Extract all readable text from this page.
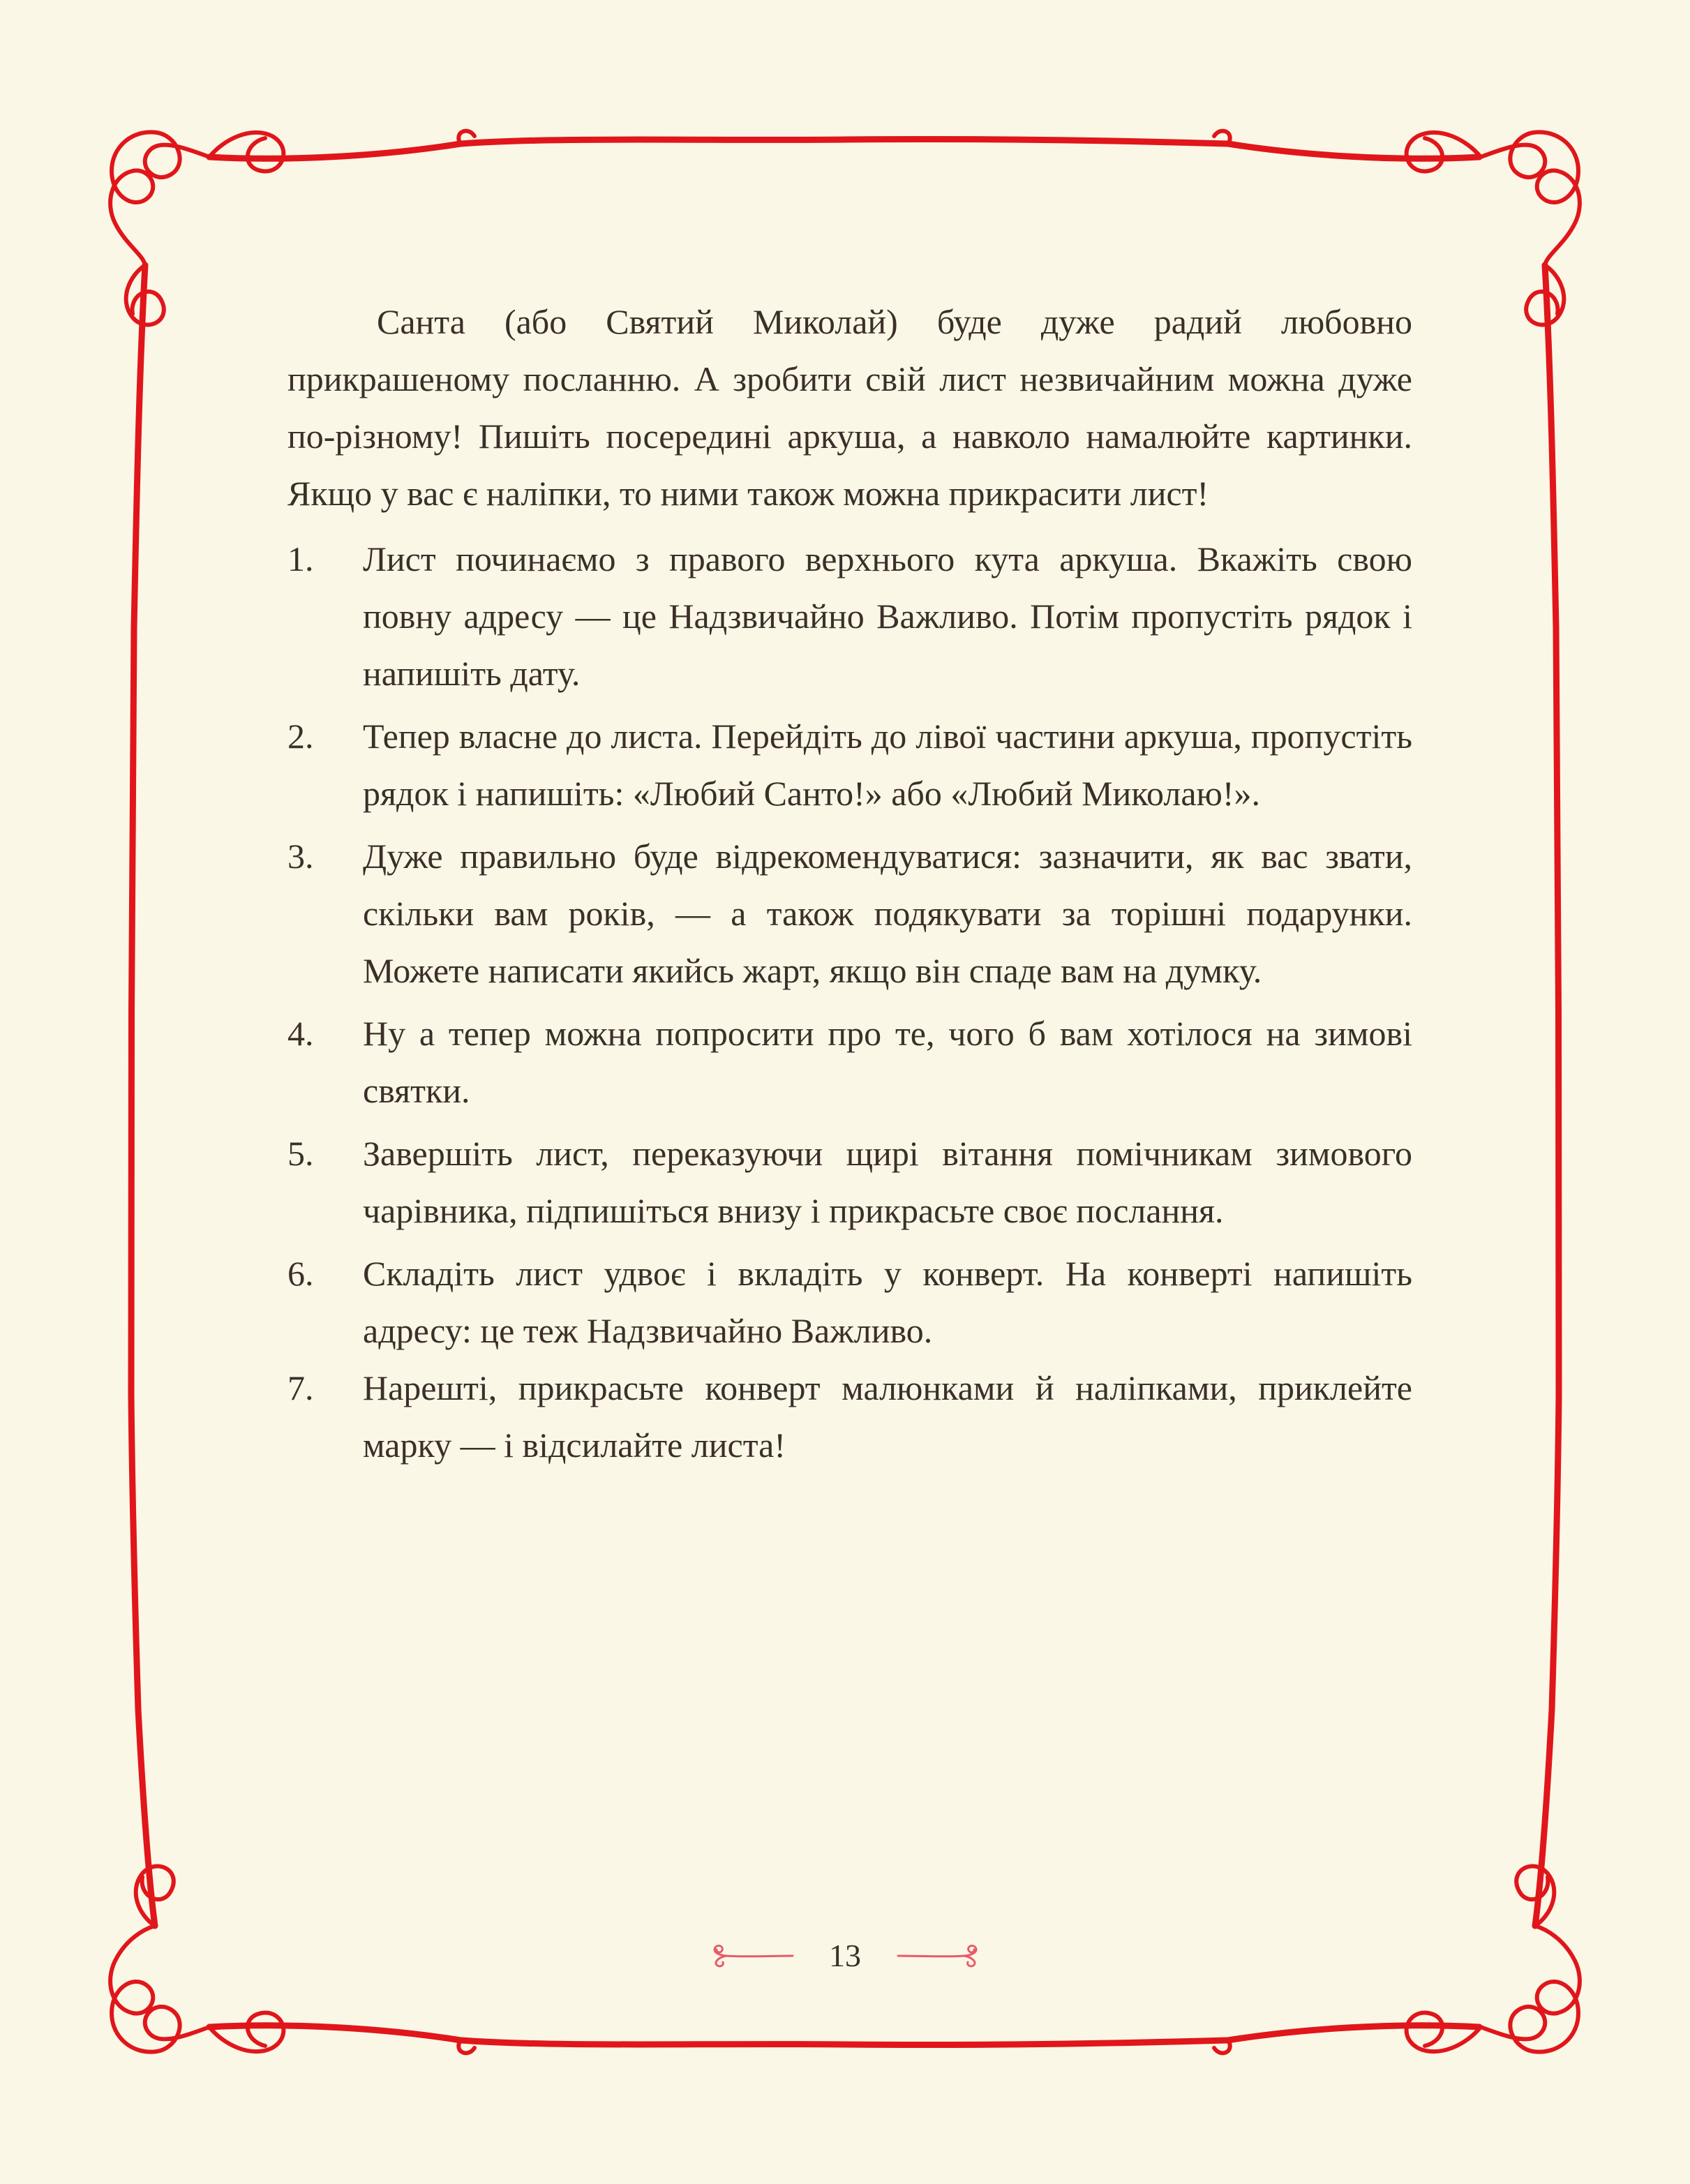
Санта (або Святий Миколай) буде дуже радий любовно прикрашеному посланню. А зробити свій лист незвичайним можна дуже по-різному! Пишіть посередині аркуша, а навколо намалюйте картинки. Якщо у вас є наліпки, то ними також можна прикрасити лист!

1. Лист починаємо з правого верхнього кута аркуша. Вкажіть свою повну адресу — це Надзвичайно Важливо. Потім пропустіть рядок і напишіть дату.
2. Тепер власне до листа. Перейдіть до лівої частини аркуша, пропустіть рядок і напишіть: «Любий Санто!» або «Любий Миколаю!».
3. Дуже правильно буде відрекомендуватися: зазначити, як вас звати, скільки вам років, — а також подякувати за торішні подарунки. Можете написати якийсь жарт, якщо він спаде вам на думку.
4. Ну а тепер можна попросити про те, чого б вам хотілося на зимові святки.
5. Завершіть лист, переказуючи щирі вітання помічникам зимового чарівника, підпишіться внизу і прикрасьте своє послання.
6. Складіть лист удвоє і вкладіть у конверт. На конверті напишіть адресу: це теж Надзвичайно Важливо.
7. Нарешті, прикрасьте конверт малюнками й наліпками, приклейте марку — і відсилайте листа!
13
